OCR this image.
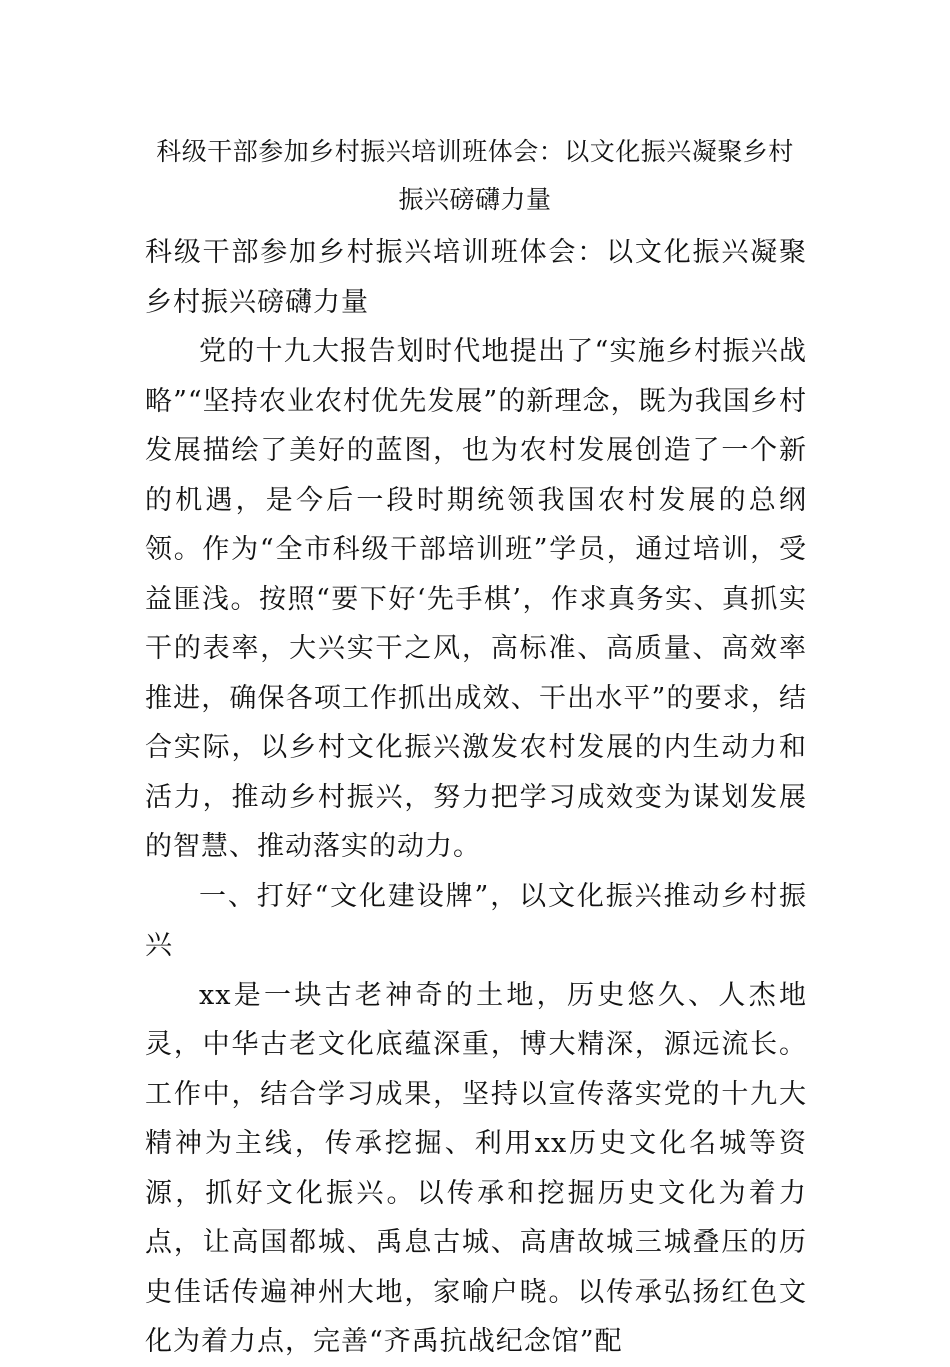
科级干部参加乡村振兴培训班体会：以文化振兴凝聚乡村振兴磅礴力量

科级干部参加乡村振兴培训班体会：以文化振兴凝聚乡村振兴磅礴力量

党的十九大报告划时代地提出了“实施乡村振兴战略”“坚持农业农村优先发展”的新理念，既为我国乡村发展描绘了美好的蓝图，也为农村发展创造了一个新的机遇，是今后一段时期统领我国农村发展的总纲领。作为“全市科级干部培训班”学员，通过培训，受益匪浅。按照“要下好‘先手棋’，作求真务实、真抓实干的表率，大兴实干之风，高标准、高质量、高效率推进，确保各项工作抓出成效、干出水平”的要求，结合实际，以乡村文化振兴激发农村发展的内生动力和活力，推动乡村振兴，努力把学习成效变为谋划发展的智慧、推动落实的动力。

一、打好“文化建设牌”，以文化振兴推动乡村振兴

xx是一块古老神奇的土地，历史悠久、人杰地灵，中华古老文化底蕴深重，博大精深，源远流长。工作中，结合学习成果，坚持以宣传落实党的十九大精神为主线，传承挖掘、利用xx历史文化名城等资源，抓好文化振兴。以传承和挖掘历史文化为着力点，让高国都城、禹息古城、高唐故城三城叠压的历史佳话传遍神州大地，家喻户晓。以传承弘扬红色文化为着力点，完善“齐禹抗战纪念馆”配
